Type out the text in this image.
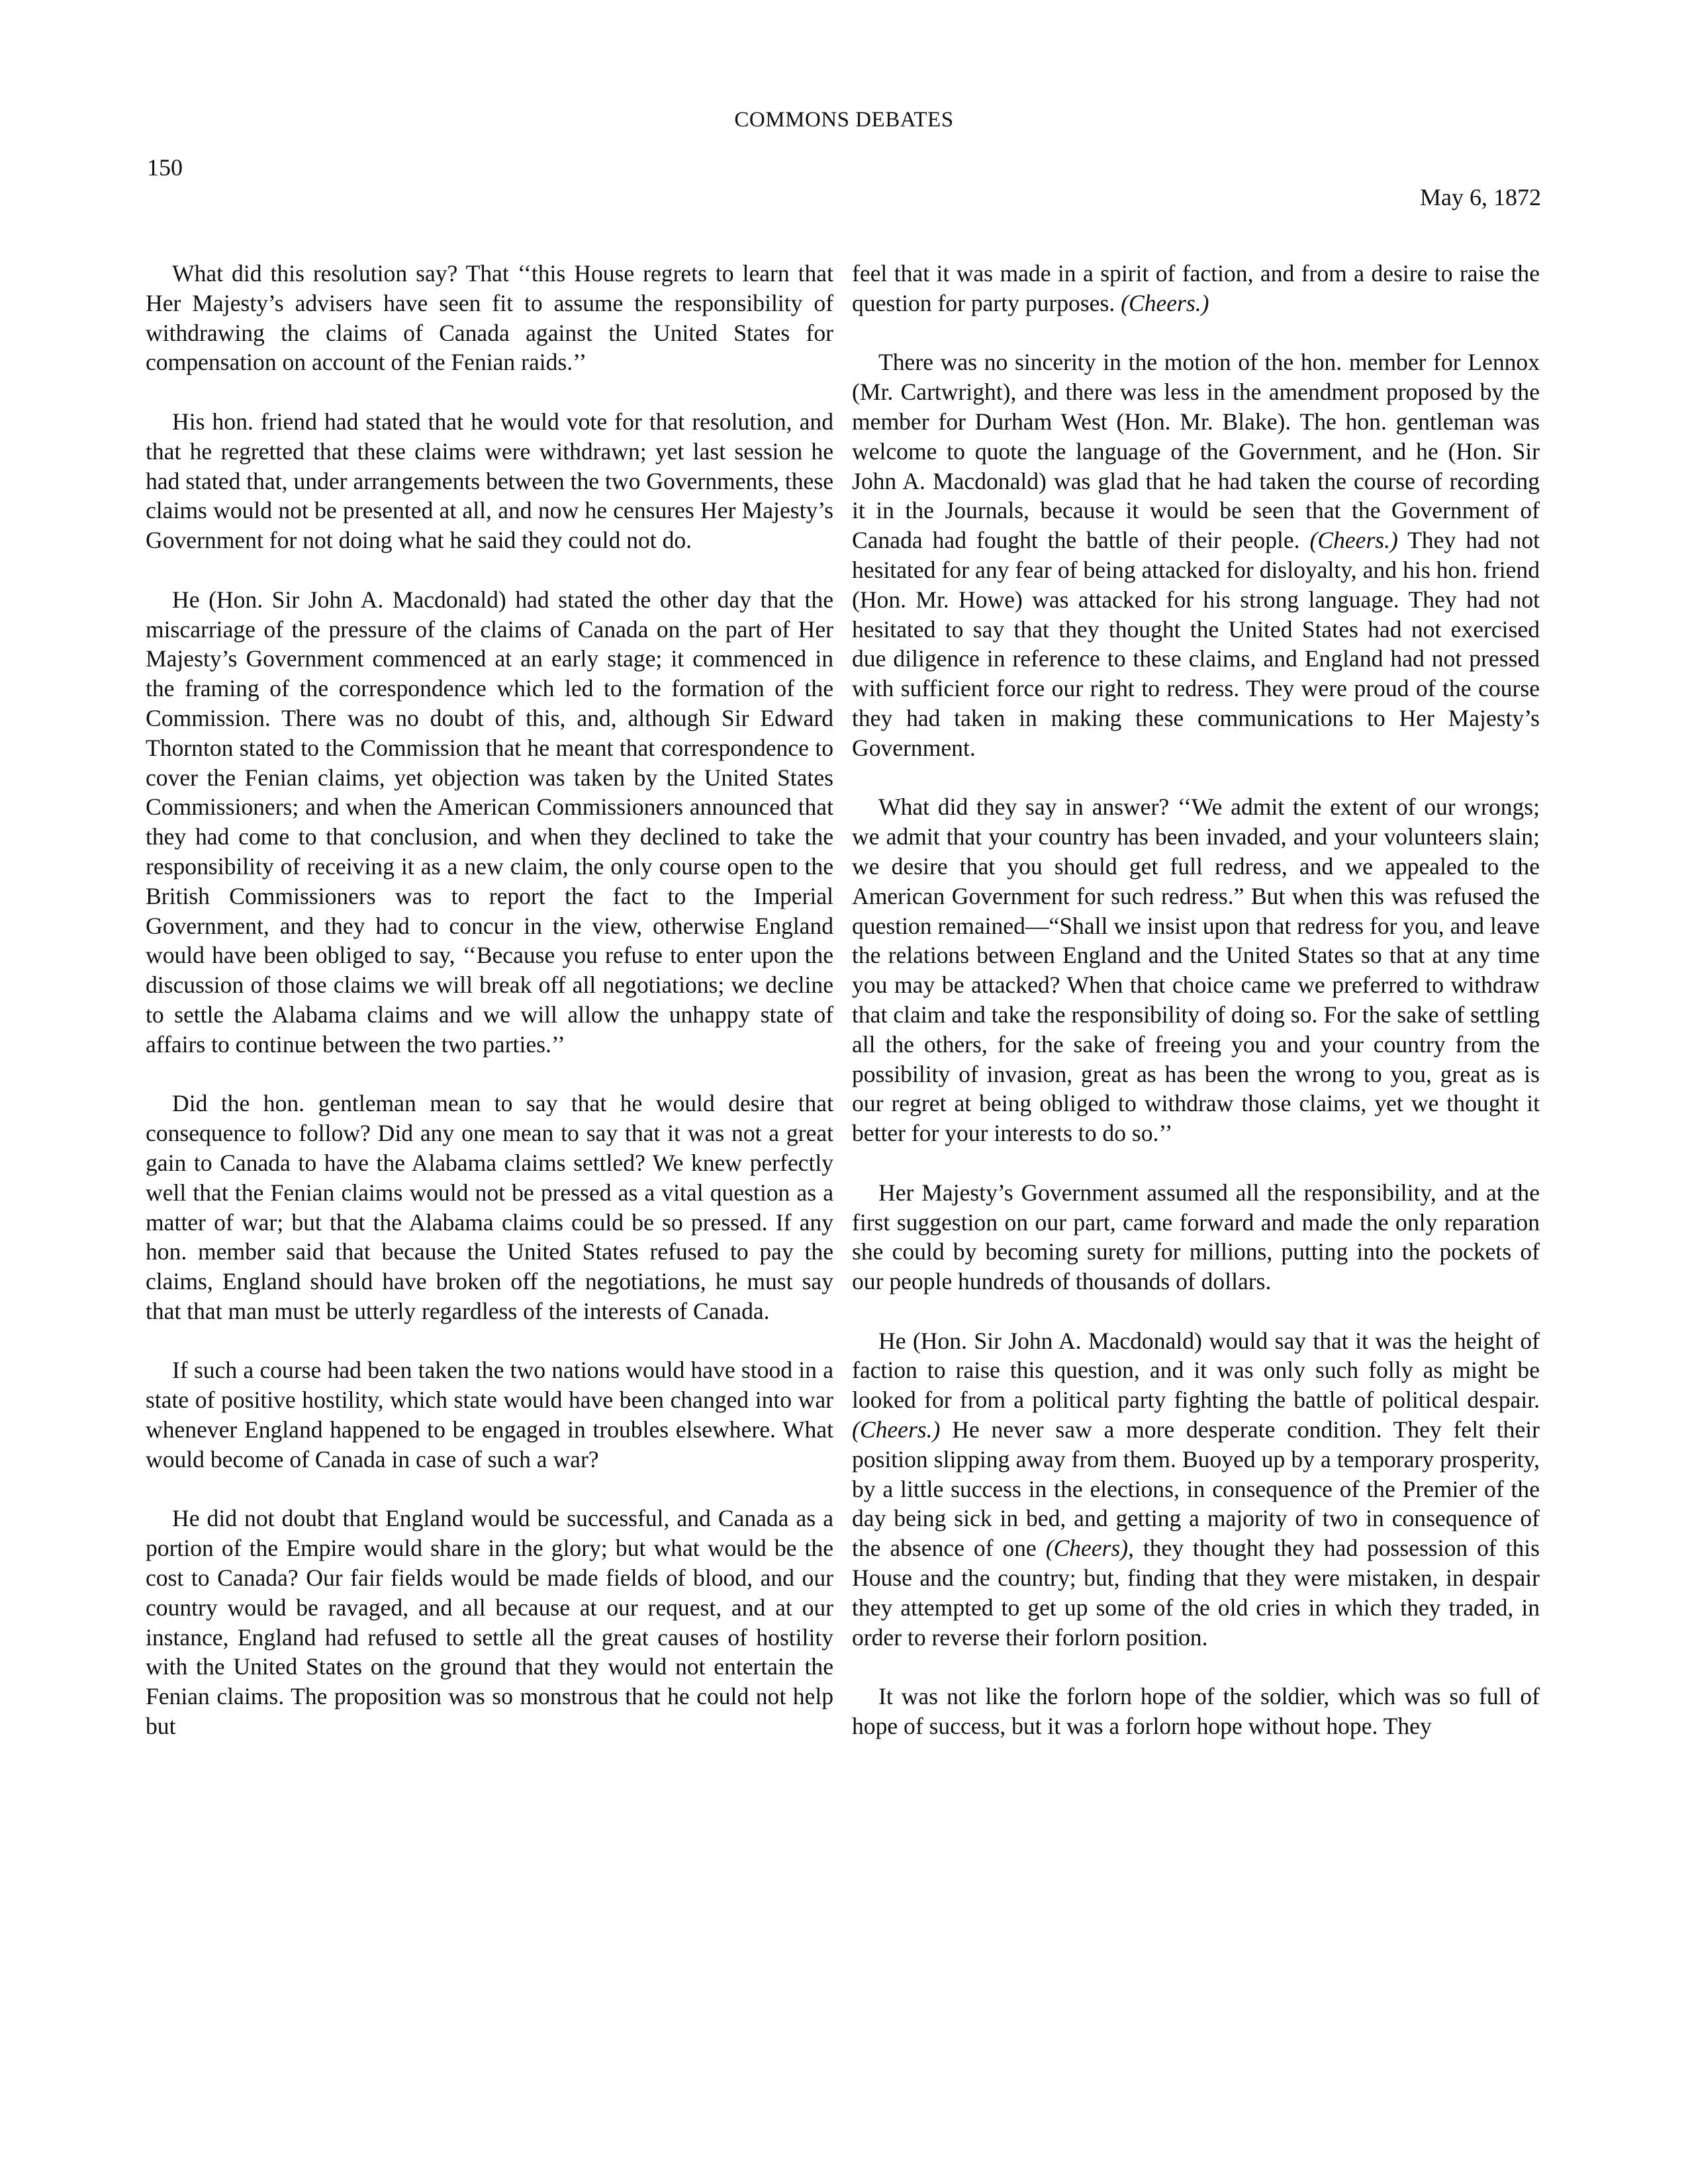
COMMONS DEBATES
150
May 6, 1872

What did this resolution say? That ‘‘this House regrets to learn that Her Majesty’s advisers have seen fit to assume the responsibility of withdrawing the claims of Canada against the United States for compensation on account of the Fenian raids.’’

His hon. friend had stated that he would vote for that resolution, and that he regretted that these claims were withdrawn; yet last session he had stated that, under arrangements between the two Governments, these claims would not be presented at all, and now he censures Her Majesty’s Government for not doing what he said they could not do.

He (Hon. Sir John A. Macdonald) had stated the other day that the miscarriage of the pressure of the claims of Canada on the part of Her Majesty’s Government commenced at an early stage; it commenced in the framing of the correspondence which led to the formation of the Commission. There was no doubt of this, and, although Sir Edward Thornton stated to the Commission that he meant that correspondence to cover the Fenian claims, yet objection was taken by the United States Commissioners; and when the American Commissioners announced that they had come to that conclusion, and when they declined to take the responsibility of receiving it as a new claim, the only course open to the British Commissioners was to report the fact to the Imperial Government, and they had to concur in the view, otherwise England would have been obliged to say, ‘‘Because you refuse to enter upon the discussion of those claims we will break off all negotiations; we decline to settle the Alabama claims and we will allow the unhappy state of affairs to continue between the two parties.’’

Did the hon. gentleman mean to say that he would desire that consequence to follow? Did any one mean to say that it was not a great gain to Canada to have the Alabama claims settled? We knew perfectly well that the Fenian claims would not be pressed as a vital question as a matter of war; but that the Alabama claims could be so pressed. If any hon. member said that because the United States refused to pay the claims, England should have broken off the negotiations, he must say that that man must be utterly regardless of the interests of Canada.

If such a course had been taken the two nations would have stood in a state of positive hostility, which state would have been changed into war whenever England happened to be engaged in troubles elsewhere. What would become of Canada in case of such a war?

He did not doubt that England would be successful, and Canada as a portion of the Empire would share in the glory; but what would be the cost to Canada? Our fair fields would be made fields of blood, and our country would be ravaged, and all because at our request, and at our instance, England had refused to settle all the great causes of hostility with the United States on the ground that they would not entertain the Fenian claims. The proposition was so monstrous that he could not help but

feel that it was made in a spirit of faction, and from a desire to raise the question for party purposes. (Cheers.)

There was no sincerity in the motion of the hon. member for Lennox (Mr. Cartwright), and there was less in the amendment proposed by the member for Durham West (Hon. Mr. Blake). The hon. gentleman was welcome to quote the language of the Government, and he (Hon. Sir John A. Macdonald) was glad that he had taken the course of recording it in the Journals, because it would be seen that the Government of Canada had fought the battle of their people. (Cheers.) They had not hesitated for any fear of being attacked for disloyalty, and his hon. friend (Hon. Mr. Howe) was attacked for his strong language. They had not hesitated to say that they thought the United States had not exercised due diligence in reference to these claims, and England had not pressed with sufficient force our right to redress. They were proud of the course they had taken in making these communications to Her Majesty’s Government.

What did they say in answer? ‘‘We admit the extent of our wrongs; we admit that your country has been invaded, and your volunteers slain; we desire that you should get full redress, and we appealed to the American Government for such redress.” But when this was refused the question remained—“Shall we insist upon that redress for you, and leave the relations between England and the United States so that at any time you may be attacked? When that choice came we preferred to withdraw that claim and take the responsibility of doing so. For the sake of settling all the others, for the sake of freeing you and your country from the possibility of invasion, great as has been the wrong to you, great as is our regret at being obliged to withdraw those claims, yet we thought it better for your interests to do so.’’

Her Majesty’s Government assumed all the responsibility, and at the first suggestion on our part, came forward and made the only reparation she could by becoming surety for millions, putting into the pockets of our people hundreds of thousands of dollars.

He (Hon. Sir John A. Macdonald) would say that it was the height of faction to raise this question, and it was only such folly as might be looked for from a political party fighting the battle of political despair. (Cheers.) He never saw a more desperate condition. They felt their position slipping away from them. Buoyed up by a temporary prosperity, by a little success in the elections, in consequence of the Premier of the day being sick in bed, and getting a majority of two in consequence of the absence of one (Cheers), they thought they had possession of this House and the country; but, finding that they were mistaken, in despair they attempted to get up some of the old cries in which they traded, in order to reverse their forlorn position.

It was not like the forlorn hope of the soldier, which was so full of hope of success, but it was a forlorn hope without hope. They
